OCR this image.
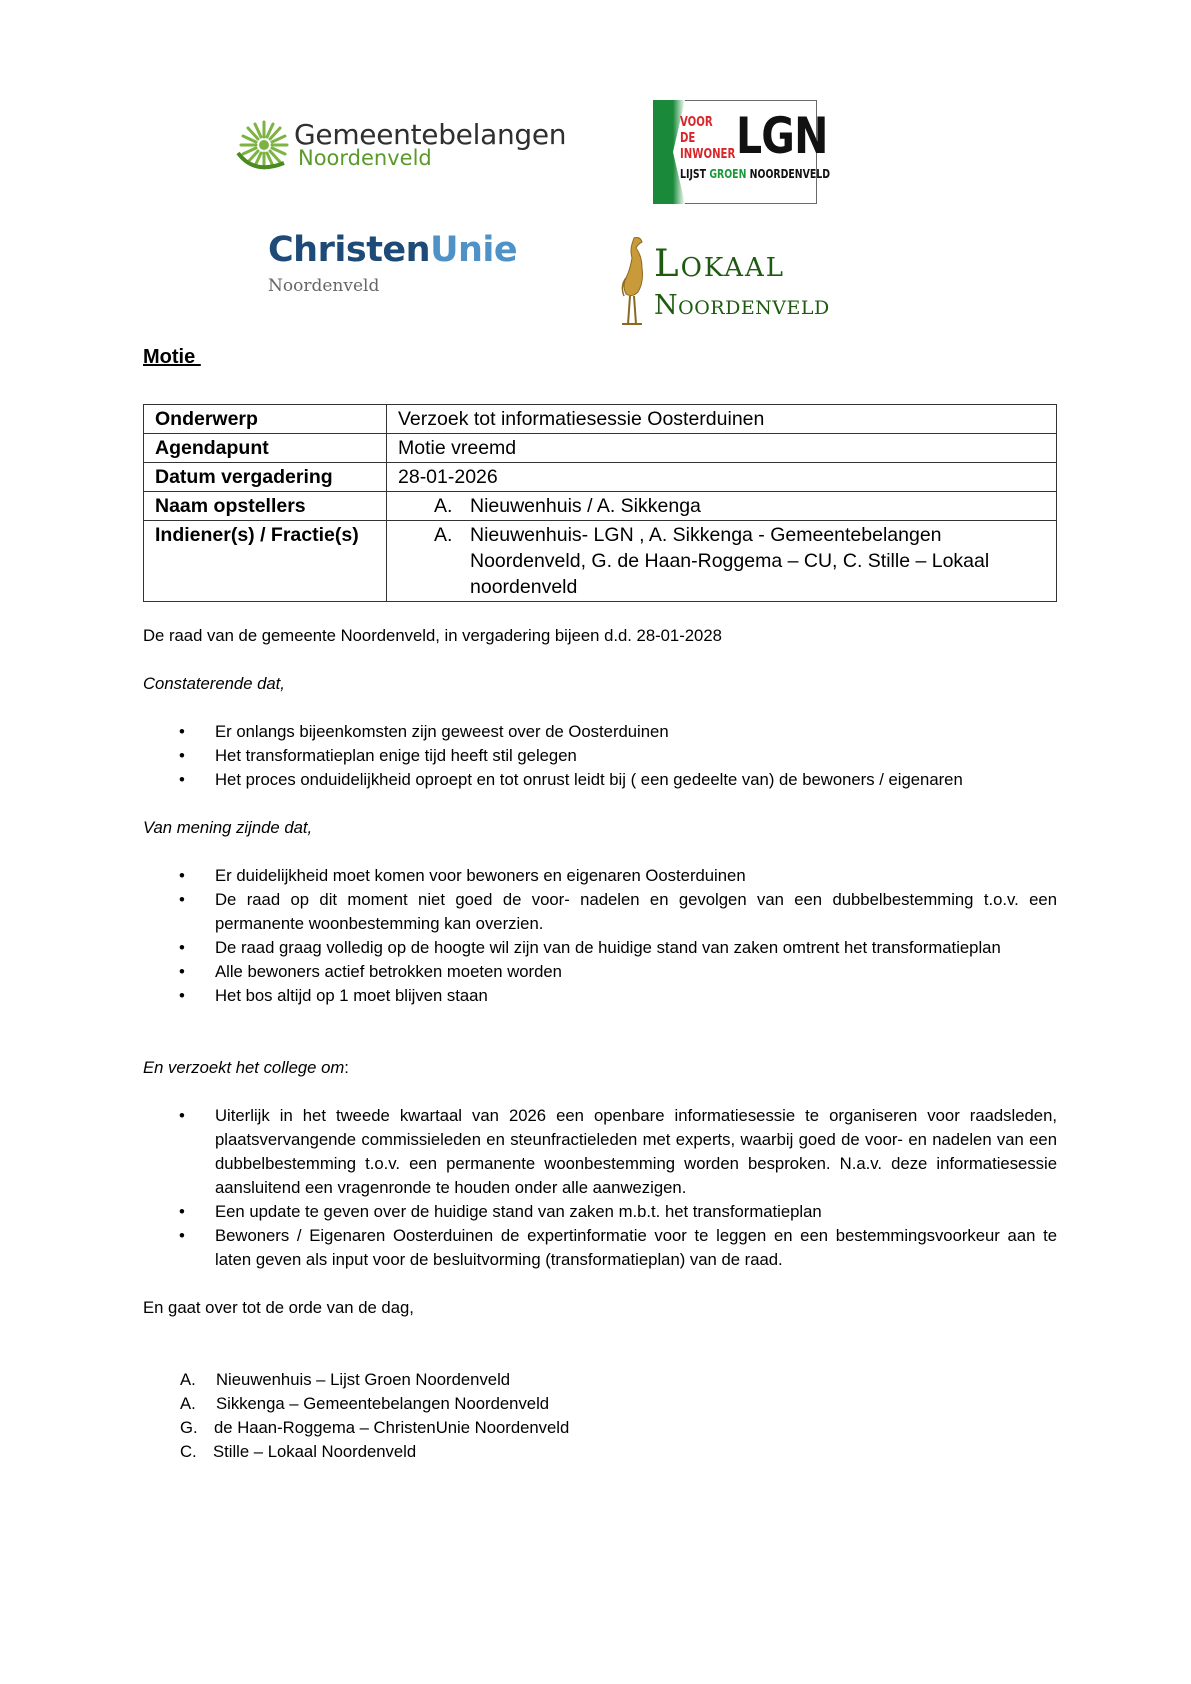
Gemeentebelangen
Noordenveld
VOOR DE INWONER LGN
LIJST GROEN NOORDENVELD
ChristenUnie
Noordenveld
Lokaal
Noordenveld
Motie
Onderwerp	Verzoek tot informatiesessie Oosterduinen
Agendapunt	Motie vreemd
Datum vergadering	28-01-2026
Naam opstellers	A. Nieuwenhuis / A. Sikkenga

Indiener(s) / Fractie(s)	A. Nieuwenhuis- LGN , A. Sikkenga - Gemeentebelangen Noordenveld, G. de Haan-Roggema – CU, C. Stille – Lokaal noordenveld
De raad van de gemeente Noordenveld, in vergadering bijeen d.d. 28-01-2028
Constaterende dat,
• Er onlangs bijeenkomsten zijn geweest over de Oosterduinen
• Het transformatieplan enige tijd heeft stil gelegen
• Het proces onduidelijkheid oproept en tot onrust leidt bij ( een gedeelte van) de bewoners / eigenaren
Van mening zijnde dat,
• Er duidelijkheid moet komen voor bewoners en eigenaren Oosterduinen
• De raad op dit moment niet goed de voor- nadelen en gevolgen van een dubbelbestemming t.o.v. een permanente woonbestemming kan overzien.
• De raad graag volledig op de hoogte wil zijn van de huidige stand van zaken omtrent het transformatieplan
• Alle bewoners actief betrokken moeten worden
• Het bos altijd op 1 moet blijven staan
En verzoekt het college om:
• Uiterlijk in het tweede kwartaal van 2026 een openbare informatiesessie te organiseren voor raadsleden, plaatsvervangende commissieleden en steunfractieleden met experts, waarbij goed de voor- en nadelen van een dubbelbestemming t.o.v. een permanente woonbestemming worden besproken. N.a.v. deze informatiesessie aansluitend een vragenronde te houden onder alle aanwezigen.
• Een update te geven over de huidige stand van zaken m.b.t. het transformatieplan
• Bewoners / Eigenaren Oosterduinen de expertinformatie voor te leggen en een bestemmingsvoorkeur aan te laten geven als input voor de besluitvorming (transformatieplan) van de raad.
En gaat over tot de orde van de dag,
A. Nieuwenhuis – Lijst Groen Noordenveld
A. Sikkenga – Gemeentebelangen Noordenveld
G. de Haan-Roggema – ChristenUnie Noordenveld
C. Stille – Lokaal Noordenveld
